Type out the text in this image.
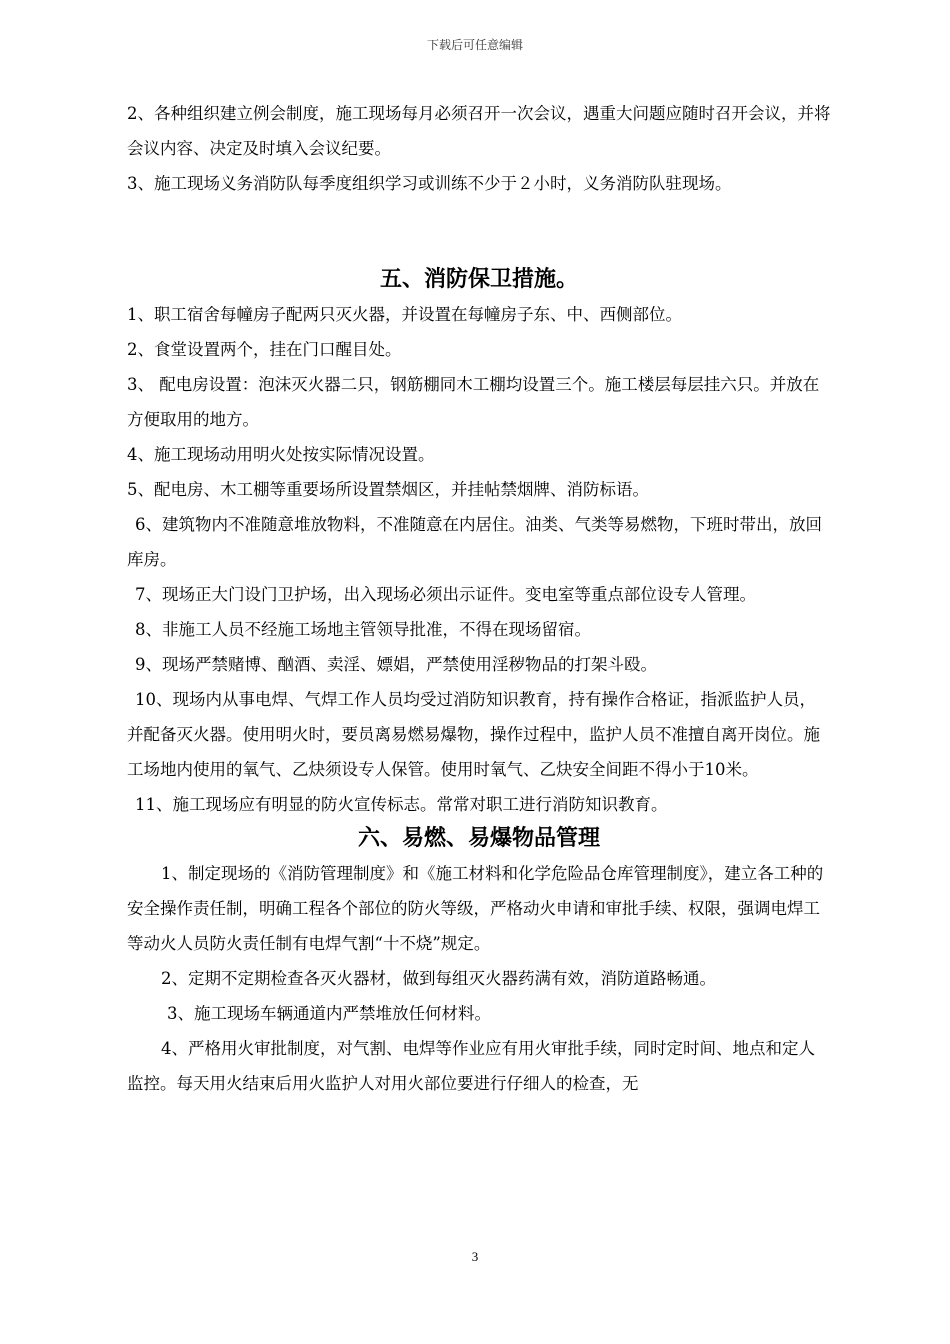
下载后可任意编辑

2、各种组织建立例会制度，施工现场每月必须召开一次会议，遇重大问题应随时召开会议，并将会议内容、决定及时填入会议纪要。

3、施工现场义务消防队每季度组织学习或训练不少于２小时，义务消防队驻现场。

五、消防保卫措施。

1、职工宿舍每幢房子配两只灭火器，并设置在每幢房子东、中、西侧部位。

2、食堂设置两个，挂在门口醒目处。

3、 配电房设置：泡沫灭火器二只，钢筋棚同木工棚均设置三个。施工楼层每层挂六只。并放在方便取用的地方。

4、施工现场动用明火处按实际情况设置。

5、配电房、木工棚等重要场所设置禁烟区，并挂帖禁烟牌、消防标语。

6、建筑物内不准随意堆放物料，不准随意在内居住。油类、气类等易燃物，下班时带出，放回库房。

7、现场正大门设门卫护场，出入现场必须出示证件。变电室等重点部位设专人管理。

8、非施工人员不经施工场地主管领导批准，不得在现场留宿。

9、现场严禁赌博、酗酒、卖淫、嫖娼，严禁使用淫秽物品的打架斗殴。

10、现场内从事电焊、气焊工作人员均受过消防知识教育，持有操作合格证，指派监护人员，并配备灭火器。使用明火时，要员离易燃易爆物，操作过程中，监护人员不准擅自离开岗位。施工场地内使用的氧气、乙炔须设专人保管。使用时氧气、乙炔安全间距不得小于10米。

11、施工现场应有明显的防火宣传标志。常常对职工进行消防知识教育。

六、易燃、易爆物品管理

1、制定现场的《消防管理制度》和《施工材料和化学危险品仓库管理制度》，建立各工种的安全操作责任制，明确工程各个部位的防火等级，严格动火申请和审批手续、权限，强调电焊工等动火人员防火责任制有电焊气割“十不烧”规定。

2、定期不定期检查各灭火器材，做到每组灭火器药满有效，消防道路畅通。

3、施工现场车辆通道内严禁堆放任何材料。

4、严格用火审批制度，对气割、电焊等作业应有用火审批手续，同时定时间、地点和定人监控。每天用火结束后用火监护人对用火部位要进行仔细人的检查，无

3
